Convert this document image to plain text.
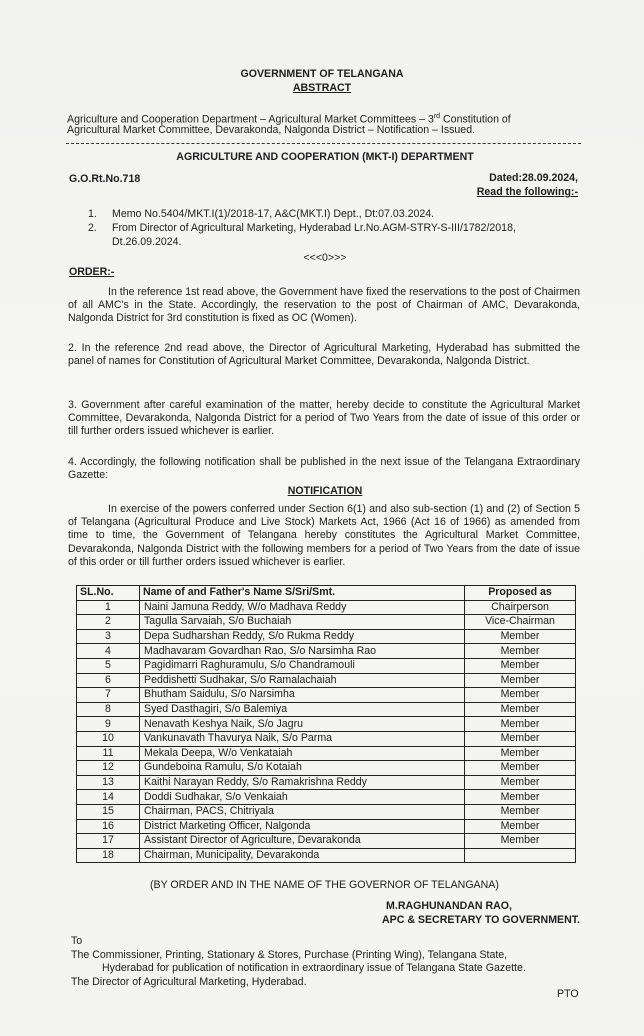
GOVERNMENT OF TELANGANA
ABSTRACT
Agriculture and Cooperation Department – Agricultural Market Committees – 3rd Constitution of
Agricultural Market Committee, Devarakonda, Nalgonda District – Notification – Issued.
AGRICULTURE AND COOPERATION (MKT-I) DEPARTMENT
G.O.Rt.No.718	Dated:28.09.2024,
Read the following:-
1. Memo No.5404/MKT.I(1)/2018-17, A&C(MKT.I) Dept., Dt:07.03.2024.
2. From Director of Agricultural Marketing, Hyderabad Lr.No.AGM-STRY-S-III/1782/2018,
Dt.26.09.2024.
<<<0>>>
ORDER:-
In the reference 1st read above, the Government have fixed the reservations to the post of Chairmen of all AMC's in the State. Accordingly, the reservation to the post of Chairman of AMC, Devarakonda, Nalgonda District for 3rd constitution is fixed as OC (Women).
2. In the reference 2nd read above, the Director of Agricultural Marketing, Hyderabad has submitted the panel of names for Constitution of Agricultural Market Committee, Devarakonda, Nalgonda District.
3. Government after careful examination of the matter, hereby decide to constitute the Agricultural Market Committee, Devarakonda, Nalgonda District for a period of Two Years from the date of issue of this order or till further orders issued whichever is earlier.
4. Accordingly, the following notification shall be published in the next issue of the Telangana Extraordinary Gazette:
NOTIFICATION
In exercise of the powers conferred under Section 6(1) and also sub-section (1) and (2) of Section 5 of Telangana (Agricultural Produce and Live Stock) Markets Act, 1966 (Act 16 of 1966) as amended from time to time, the Government of Telangana hereby constitutes the Agricultural Market Committee, Devarakonda, Nalgonda District with the following members for a period of Two Years from the date of issue of this order or till further orders issued whichever is earlier.
SL.No.	Name of and Father's Name S/Sri/Smt.	Proposed as
1	Naini Jamuna Reddy, W/o Madhava Reddy	Chairperson
2	Tagulla Sarvaiah, S/o Buchaiah	Vice-Chairman
3	Depa Sudharshan Reddy, S/o Rukma Reddy	Member
4	Madhavaram Govardhan Rao, S/o Narsimha Rao	Member
5	Pagidimarri Raghuramulu, S/o Chandramouli	Member
6	Peddishetti Sudhakar, S/o Ramalachaiah	Member
7	Bhutham Saidulu, S/o Narsimha	Member
8	Syed Dasthagiri, S/o Balemiya	Member
9	Nenavath Keshya Naik, S/o Jagru	Member
10	Vankunavath Thavurya Naik, S/o Parma	Member
11	Mekala Deepa, W/o Venkataiah	Member
12	Gundeboina Ramulu, S/o Kotaiah	Member
13	Kaithi Narayan Reddy, S/o Ramakrishna Reddy	Member
14	Doddi Sudhakar, S/o Venkaiah	Member
15	Chairman, PACS, Chitriyala	Member
16	District Marketing Officer, Nalgonda	Member
17	Assistant Director of Agriculture, Devarakonda	Member
18	Chairman, Municipality, Devarakonda	
(BY ORDER AND IN THE NAME OF THE GOVERNOR OF TELANGANA)
M.RAGHUNANDAN RAO,
APC & SECRETARY TO GOVERNMENT.
To
The Commissioner, Printing, Stationary & Stores, Purchase (Printing Wing), Telangana State,
Hyderabad for publication of notification in extraordinary issue of Telangana State Gazette.
The Director of Agricultural Marketing, Hyderabad.
PTO
